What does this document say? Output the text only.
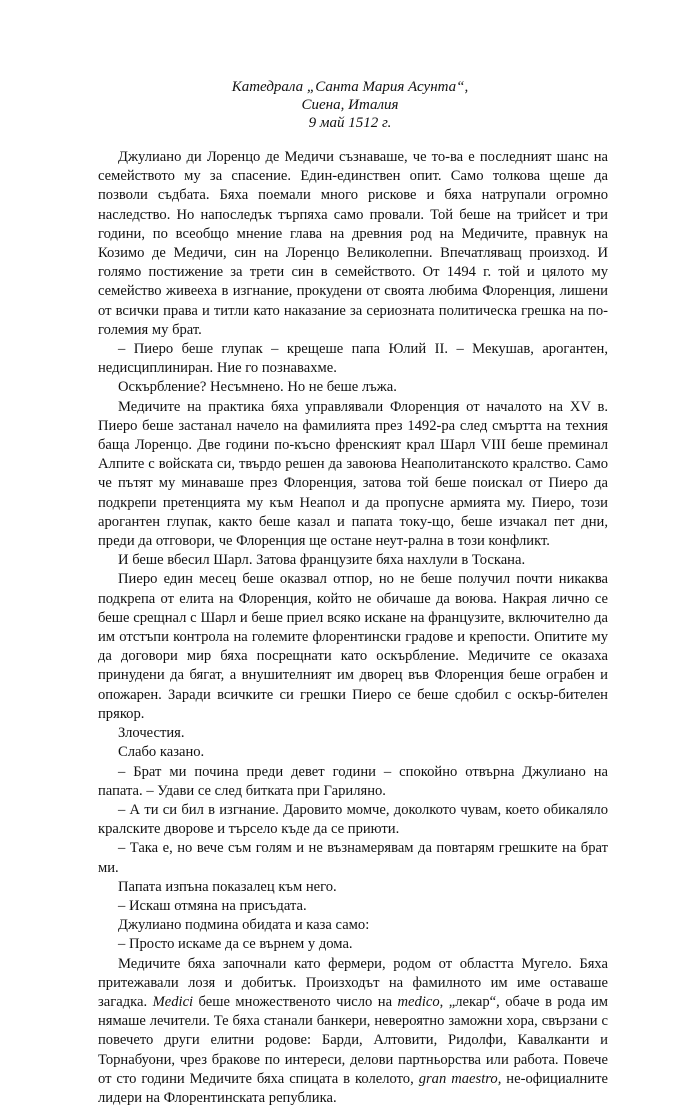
Катедрала „Санта Мария Асунта“,
Сиена, Италия
9 май 1512 г.

Джулиано ди Лоренцо де Медичи съзнаваше, че то-ва е последният шанс на семейството му за спасение. Един-единствен опит. Само толкова щеше да позволи съдбата. Бяха поемали много рискове и бяха натрупали огромно наследство. Но напоследък търпяха само провали. Той беше на трийсет и три години, по всеобщо мнение глава на древния род на Медичите, правнук на Козимо де Медичи, син на Лоренцо Великолепни. Впечатляващ произход. И голямо постижение за трети син в семейството. От 1494 г. той и цялото му семейство живееха в изгнание, прокудени от своята любима Флоренция, лишени от всички права и титли като наказание за сериозната политическа грешка на по-големия му брат.

– Пиеро беше глупак – крещеше папа Юлий II. – Мекушав, арогантен, недисциплиниран. Ние го познавахме.

Оскърбление? Несъмнено. Но не беше лъжа.

Медичите на практика бяха управлявали Флоренция от началото на XV в. Пиеро беше застанал начело на фамилията през 1492-ра след смъртта на техния баща Лоренцо. Две години по-късно френският крал Шарл VIII беше преминал Алпите с войската си, твърдо решен да завоюва Неаполитанското кралство. Само че пътят му минаваше през Флоренция, затова той беше поискал от Пиеро да подкрепи претенцията му към Неапол и да пропусне армията му. Пиеро, този арогантен глупак, както беше казал и папата току-що, беше изчакал пет дни, преди да отговори, че Флоренция ще остане неут-рална в този конфликт.

И беше вбесил Шарл. Затова французите бяха нахлули в Тоскана.

Пиеро един месец беше оказвал отпор, но не беше получил почти никаква подкрепа от елита на Флоренция, който не обичаше да воюва. Накрая лично се беше срещнал с Шарл и беше приел всяко искане на французите, включително да им отстъпи контрола на големите флорентински градове и крепости. Опитите му да договори мир бяха посрещнати като оскърбление. Медичите се оказаха принудени да бягат, а внушителният им дворец във Флоренция беше ограбен и опожарен. Заради всичките си грешки Пиеро се беше сдобил с оскър-бителен прякор.

Злочестия.

Слабо казано.

– Брат ми почина преди девет години – спокойно отвърна Джулиано на папата. – Удави се след битката при Гариляно.

– А ти си бил в изгнание. Даровито момче, доколкото чувам, което обикаляло кралските дворове и търсело къде да се приюти.

– Така е, но вече съм голям и не възнамерявам да повтарям грешките на брат ми.

Папата изпъна показалец към него.

– Искаш отмяна на присъдата.

Джулиано подмина обидата и каза само:

– Просто искаме да се върнем у дома.

Медичите бяха започнали като фермери, родом от областта Мугело. Бяха притежавали лозя и добитък. Произходът на фамилното им име оставаше загадка. Medici беше множественото число на medico, „лекар“, обаче в рода им нямаше лечители. Те бяха станали банкери, невероятно заможни хора, свързани с повечето други елитни родове: Барди, Алтовити, Ридолфи, Кавалканти и Торнабуони, чрез бракове по интереси, делови партньорства или работа. Повече от сто години Медичите бяха спицата в колелото, gran maestro, не-официалните лидери на Флорентинската република.
